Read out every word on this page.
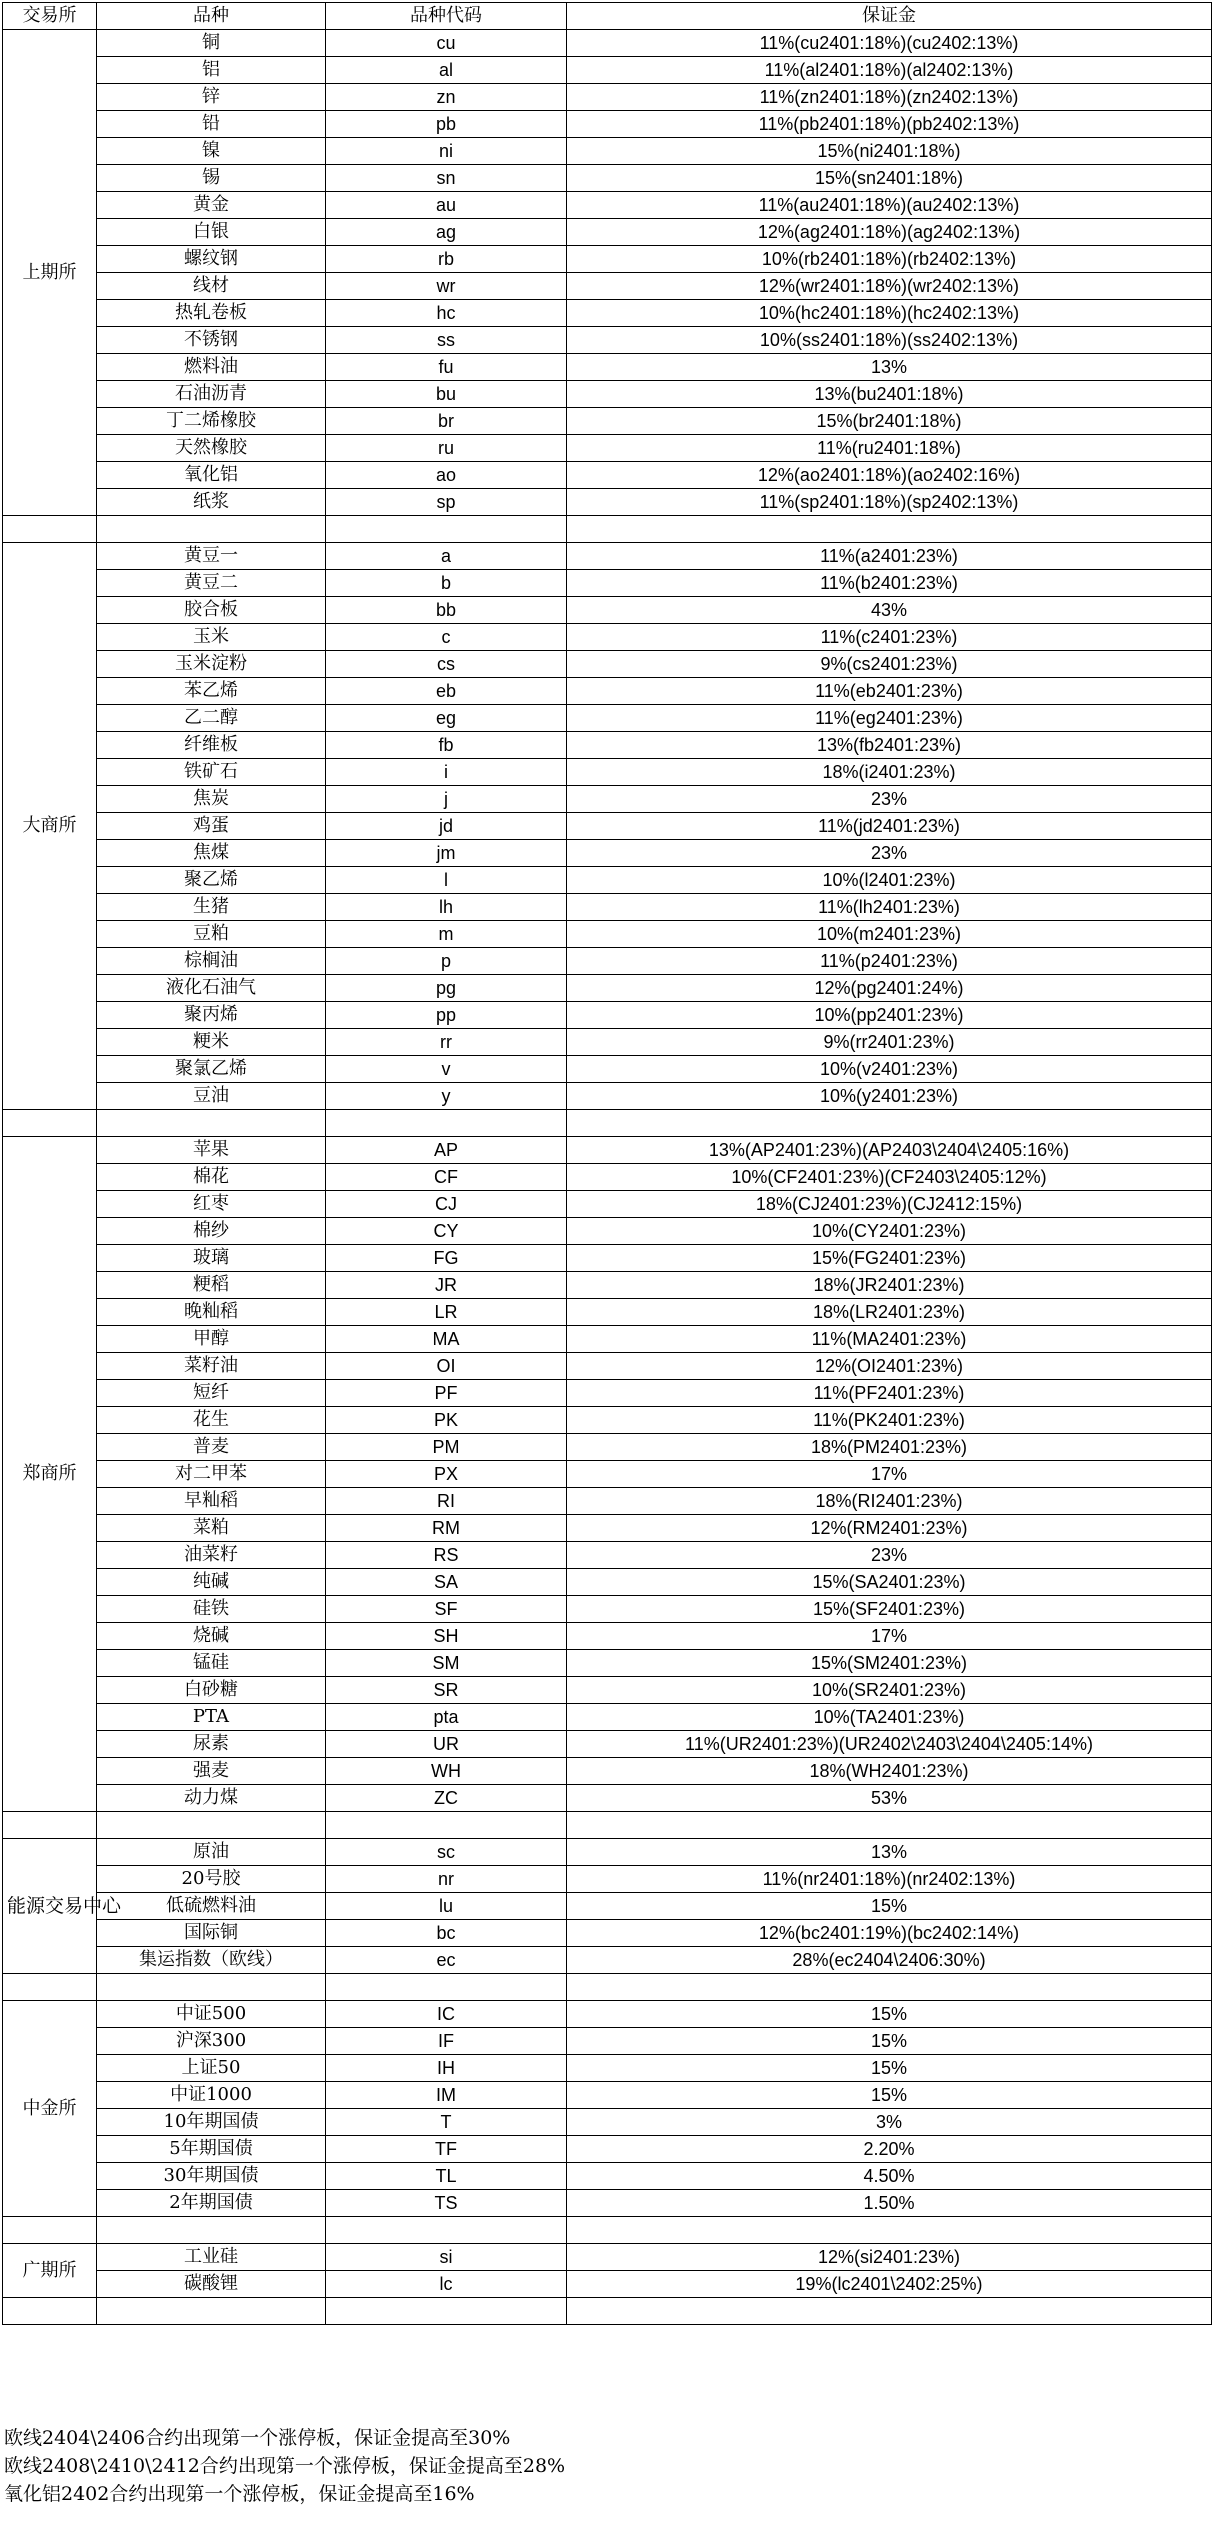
交易所	品种	品种代码	保证金
上期所	铜	cu	11%(cu2401:18%)(cu2402:13%)
	铝	al	11%(al2401:18%)(al2402:13%)
	锌	zn	11%(zn2401:18%)(zn2402:13%)
	铅	pb	11%(pb2401:18%)(pb2402:13%)
	镍	ni	15%(ni2401:18%)
	锡	sn	15%(sn2401:18%)
	黄金	au	11%(au2401:18%)(au2402:13%)
	白银	ag	12%(ag2401:18%)(ag2402:13%)
	螺纹钢	rb	10%(rb2401:18%)(rb2402:13%)
	线材	wr	12%(wr2401:18%)(wr2402:13%)
	热轧卷板	hc	10%(hc2401:18%)(hc2402:13%)
	不锈钢	ss	10%(ss2401:18%)(ss2402:13%)
	燃料油	fu	13%
	石油沥青	bu	13%(bu2401:18%)
	丁二烯橡胶	br	15%(br2401:18%)
	天然橡胶	ru	11%(ru2401:18%)
	氧化铝	ao	12%(ao2401:18%)(ao2402:16%)
	纸浆	sp	11%(sp2401:18%)(sp2402:13%)

大商所	黄豆一	a	11%(a2401:23%)
	黄豆二	b	11%(b2401:23%)
	胶合板	bb	43%
	玉米	c	11%(c2401:23%)
	玉米淀粉	cs	9%(cs2401:23%)
	苯乙烯	eb	11%(eb2401:23%)
	乙二醇	eg	11%(eg2401:23%)
	纤维板	fb	13%(fb2401:23%)
	铁矿石	i	18%(i2401:23%)
	焦炭	j	23%
	鸡蛋	jd	11%(jd2401:23%)
	焦煤	jm	23%
	聚乙烯	l	10%(l2401:23%)
	生猪	lh	11%(lh2401:23%)
	豆粕	m	10%(m2401:23%)
	棕榈油	p	11%(p2401:23%)
	液化石油气	pg	12%(pg2401:24%)
	聚丙烯	pp	10%(pp2401:23%)
	粳米	rr	9%(rr2401:23%)
	聚氯乙烯	v	10%(v2401:23%)
	豆油	y	10%(y2401:23%)

郑商所	苹果	AP	13%(AP2401:23%)(AP2403\2404\2405:16%)
	棉花	CF	10%(CF2401:23%)(CF2403\2405:12%)
	红枣	CJ	18%(CJ2401:23%)(CJ2412:15%)
	棉纱	CY	10%(CY2401:23%)
	玻璃	FG	15%(FG2401:23%)
	粳稻	JR	18%(JR2401:23%)
	晚籼稻	LR	18%(LR2401:23%)
	甲醇	MA	11%(MA2401:23%)
	菜籽油	OI	12%(OI2401:23%)
	短纤	PF	11%(PF2401:23%)
	花生	PK	11%(PK2401:23%)
	普麦	PM	18%(PM2401:23%)
	对二甲苯	PX	17%
	早籼稻	RI	18%(RI2401:23%)
	菜粕	RM	12%(RM2401:23%)
	油菜籽	RS	23%
	纯碱	SA	15%(SA2401:23%)
	硅铁	SF	15%(SF2401:23%)
	烧碱	SH	17%
	锰硅	SM	15%(SM2401:23%)
	白砂糖	SR	10%(SR2401:23%)
	PTA	pta	10%(TA2401:23%)
	尿素	UR	11%(UR2401:23%)(UR2402\2403\2404\2405:14%)
	强麦	WH	18%(WH2401:23%)
	动力煤	ZC	53%

能源交易中心	原油	sc	13%
	20号胶	nr	11%(nr2401:18%)(nr2402:13%)
	低硫燃料油	lu	15%
	国际铜	bc	12%(bc2401:19%)(bc2402:14%)
	集运指数（欧线）	ec	28%(ec2404\2406:30%)

中金所	中证500	IC	15%
	沪深300	IF	15%
	上证50	IH	15%
	中证1000	IM	15%
	10年期国债	T	3%
	5年期国债	TF	2.20%
	30年期国债	TL	4.50%
	2年期国债	TS	1.50%

广期所	工业硅	si	12%(si2401:23%)
	碳酸锂	lc	19%(lc2401\2402:25%)

欧线2404\2406合约出现第一个涨停板，保证金提高至30%
欧线2408\2410\2412合约出现第一个涨停板，保证金提高至28%
氧化铝2402合约出现第一个涨停板，保证金提高至16%
